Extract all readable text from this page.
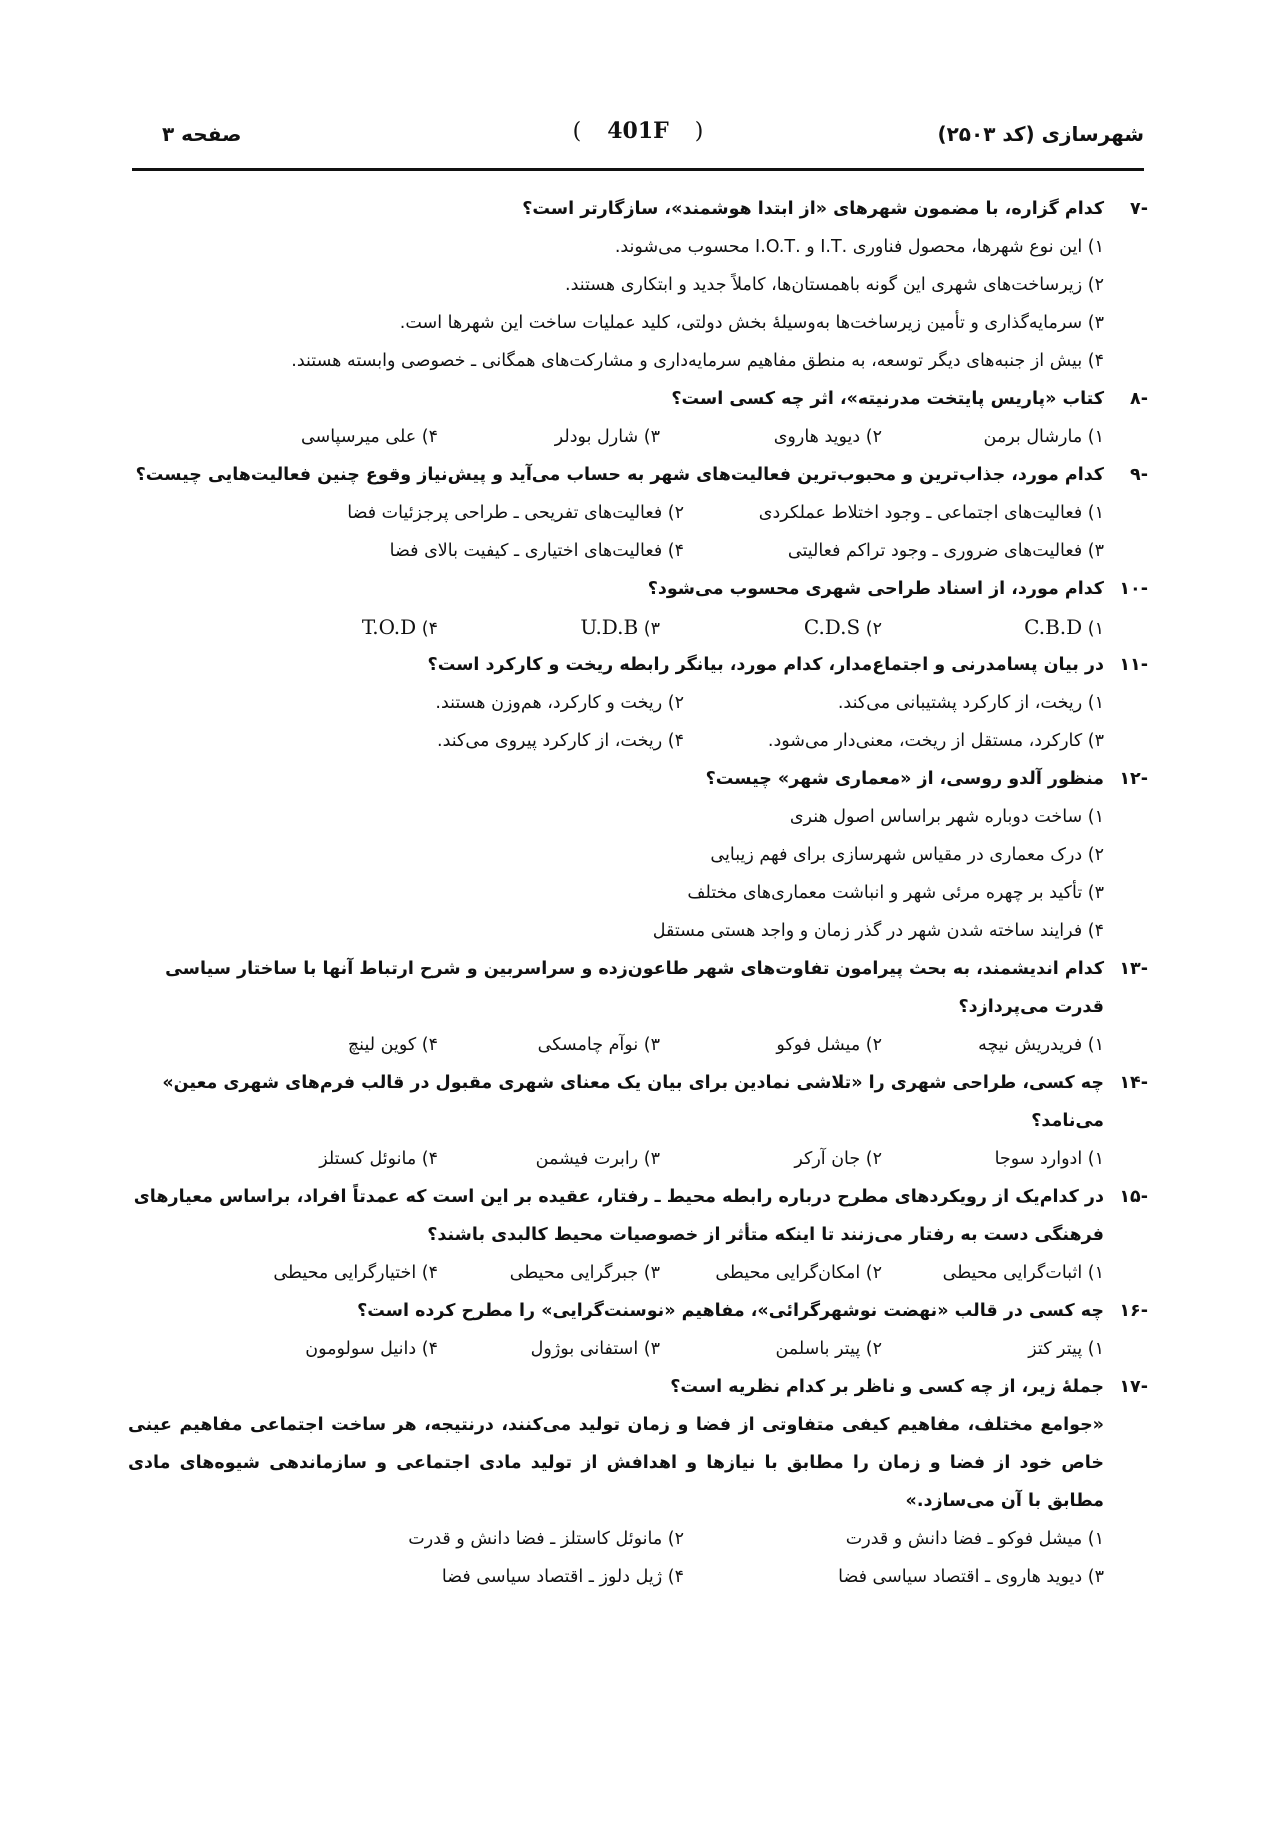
شهرسازی (کد ۲۵۰۳)
( 401F )
صفحه ۳
-۷
کدام گزاره، با مضمون شهرهای «از ابتدا هوشمند»، سازگارتر است؟
۱) این نوع شهرها، محصول فناوری .I.T و .I.O.T محسوب می‌شوند.
۲) زیرساخت‌های شهری این گونه باهمستان‌ها، کاملاً جدید و ابتکاری هستند.
۳) سرمایه‌گذاری و تأمین زیرساخت‌ها به‌وسیلهٔ بخش دولتی، کلید عملیات ساخت این شهرها است.
۴) بیش از جنبه‌های دیگر توسعه، به منطق مفاهیم سرمایه‌داری و مشارکت‌های همگانی ـ خصوصی وابسته هستند.
-۸
کتاب «پاریس پایتخت مدرنیته»، اثر چه کسی است؟
۱) مارشال برمن
۲) دیوید هاروی
۳) شارل بودلر
۴) علی میرسپاسی
-۹
کدام مورد، جذاب‌ترین و محبوب‌ترین فعالیت‌های شهر به حساب می‌آید و پیش‌نیاز وقوع چنین فعالیت‌هایی چیست؟
۱) فعالیت‌های اجتماعی ـ وجود اختلاط عملکردی
۲) فعالیت‌های تفریحی ـ طراحی پرجزئیات فضا
۳) فعالیت‌های ضروری ـ وجود تراکم فعالیتی
۴) فعالیت‌های اختیاری ـ کیفیت بالای فضا
-۱۰
کدام مورد، از اسناد طراحی شهری محسوب می‌شود؟
۱) C.B.D
۲) C.D.S
۳) U.D.B
۴) T.O.D
-۱۱
در بیان پسامدرنی و اجتماع‌مدار، کدام مورد، بیانگر رابطه ریخت و کارکرد است؟
۱) ریخت، از کارکرد پشتیبانی می‌کند.
۲) ریخت و کارکرد، هم‌وزن هستند.
۳) کارکرد، مستقل از ریخت، معنی‌دار می‌شود.
۴) ریخت، از کارکرد پیروی می‌کند.
-۱۲
منظور آلدو روسی، از «معماری شهر» چیست؟
۱) ساخت دوباره شهر براساس اصول هنری
۲) درک معماری در مقیاس شهرسازی برای فهم زیبایی
۳) تأکید بر چهره مرئی شهر و انباشت معماری‌های مختلف
۴) فرایند ساخته شدن شهر در گذر زمان و واجد هستی مستقل
-۱۳
کدام اندیشمند، به بحث پیرامون تفاوت‌های شهر طاعون‌زده و سراسربین و شرح ارتباط آنها با ساختار سیاسی قدرت می‌پردازد؟
۱) فریدریش نیچه
۲) میشل فوکو
۳) نوآم چامسکی
۴) کوین لینچ
-۱۴
چه کسی، طراحی شهری را «تلاشی نمادین برای بیان یک معنای شهری مقبول در قالب فرم‌های شهری معین» می‌نامد؟
۱) ادوارد سوجا
۲) جان آرکر
۳) رابرت فیشمن
۴) مانوئل کستلز
-۱۵
در کدام‌یک از رویکردهای مطرح درباره رابطه محیط ـ رفتار، عقیده بر این است که عمدتاً افراد، براساس معیارهای فرهنگی دست به رفتار می‌زنند تا اینکه متأثر از خصوصیات محیط کالبدی باشند؟
۱) اثبات‌گرایی محیطی
۲) امکان‌گرایی محیطی
۳) جبرگرایی محیطی
۴) اختیارگرایی محیطی
-۱۶
چه کسی در قالب «نهضت نوشهرگرائی»، مفاهیم «نوسنت‌گرایی» را مطرح کرده است؟
۱) پیتر کتز
۲) پیتر باسلمن
۳) استفانی بوژول
۴) دانیل سولومون
-۱۷
جملهٔ زیر، از چه کسی و ناظر بر کدام نظریه است؟
«جوامع مختلف، مفاهیم کیفی متفاوتی از فضا و زمان تولید می‌کنند، درنتیجه، هر ساخت اجتماعی مفاهیم عینی خاص خود از فضا و زمان را مطابق با نیازها و اهدافش از تولید مادی اجتماعی و سازماندهی شیوه‌های مادی مطابق با آن می‌سازد.»
۱) میشل فوکو ـ فضا دانش و قدرت
۲) مانوئل کاستلز ـ فضا دانش و قدرت
۳) دیوید هاروی ـ اقتصاد سیاسی فضا
۴) ژیل دلوز ـ اقتصاد سیاسی فضا
